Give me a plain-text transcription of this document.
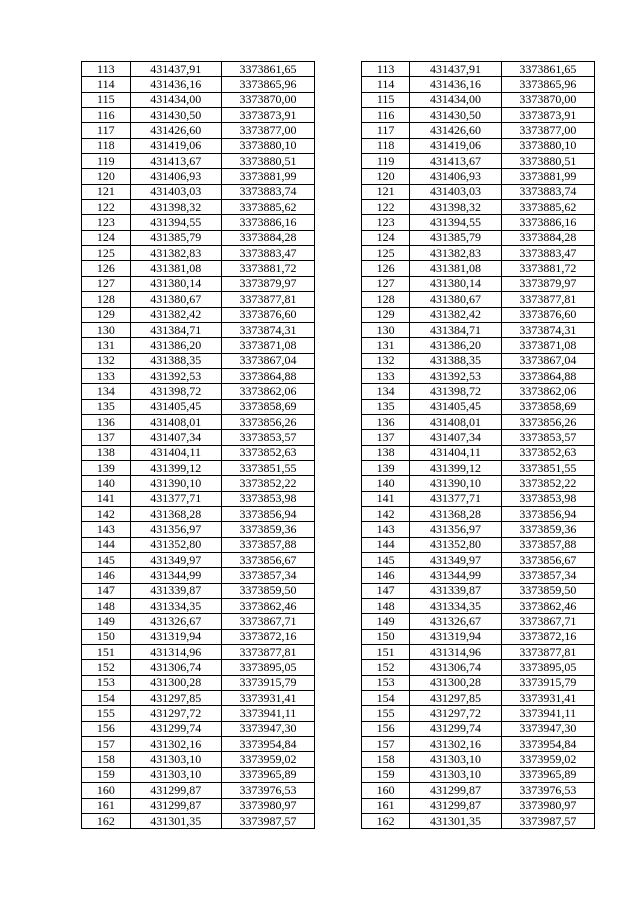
113	431437,91	3373861,65		113	431437,91	3373861,65
114	431436,16	3373865,96		114	431436,16	3373865,96
115	431434,00	3373870,00		115	431434,00	3373870,00
116	431430,50	3373873,91		116	431430,50	3373873,91
117	431426,60	3373877,00		117	431426,60	3373877,00
118	431419,06	3373880,10		118	431419,06	3373880,10
119	431413,67	3373880,51		119	431413,67	3373880,51
120	431406,93	3373881,99		120	431406,93	3373881,99
121	431403,03	3373883,74		121	431403,03	3373883,74
122	431398,32	3373885,62		122	431398,32	3373885,62
123	431394,55	3373886,16		123	431394,55	3373886,16
124	431385,79	3373884,28		124	431385,79	3373884,28
125	431382,83	3373883,47		125	431382,83	3373883,47
126	431381,08	3373881,72		126	431381,08	3373881,72
127	431380,14	3373879,97		127	431380,14	3373879,97
128	431380,67	3373877,81		128	431380,67	3373877,81
129	431382,42	3373876,60		129	431382,42	3373876,60
130	431384,71	3373874,31		130	431384,71	3373874,31
131	431386,20	3373871,08		131	431386,20	3373871,08
132	431388,35	3373867,04		132	431388,35	3373867,04
133	431392,53	3373864,88		133	431392,53	3373864,88
134	431398,72	3373862,06		134	431398,72	3373862,06
135	431405,45	3373858,69		135	431405,45	3373858,69
136	431408,01	3373856,26		136	431408,01	3373856,26
137	431407,34	3373853,57		137	431407,34	3373853,57
138	431404,11	3373852,63		138	431404,11	3373852,63
139	431399,12	3373851,55		139	431399,12	3373851,55
140	431390,10	3373852,22		140	431390,10	3373852,22
141	431377,71	3373853,98		141	431377,71	3373853,98
142	431368,28	3373856,94		142	431368,28	3373856,94
143	431356,97	3373859,36		143	431356,97	3373859,36
144	431352,80	3373857,88		144	431352,80	3373857,88
145	431349,97	3373856,67		145	431349,97	3373856,67
146	431344,99	3373857,34		146	431344,99	3373857,34
147	431339,87	3373859,50		147	431339,87	3373859,50
148	431334,35	3373862,46		148	431334,35	3373862,46
149	431326,67	3373867,71		149	431326,67	3373867,71
150	431319,94	3373872,16		150	431319,94	3373872,16
151	431314,96	3373877,81		151	431314,96	3373877,81
152	431306,74	3373895,05		152	431306,74	3373895,05
153	431300,28	3373915,79		153	431300,28	3373915,79
154	431297,85	3373931,41		154	431297,85	3373931,41
155	431297,72	3373941,11		155	431297,72	3373941,11
156	431299,74	3373947,30		156	431299,74	3373947,30
157	431302,16	3373954,84		157	431302,16	3373954,84
158	431303,10	3373959,02		158	431303,10	3373959,02
159	431303,10	3373965,89		159	431303,10	3373965,89
160	431299,87	3373976,53		160	431299,87	3373976,53
161	431299,87	3373980,97		161	431299,87	3373980,97
162	431301,35	3373987,57		162	431301,35	3373987,57
